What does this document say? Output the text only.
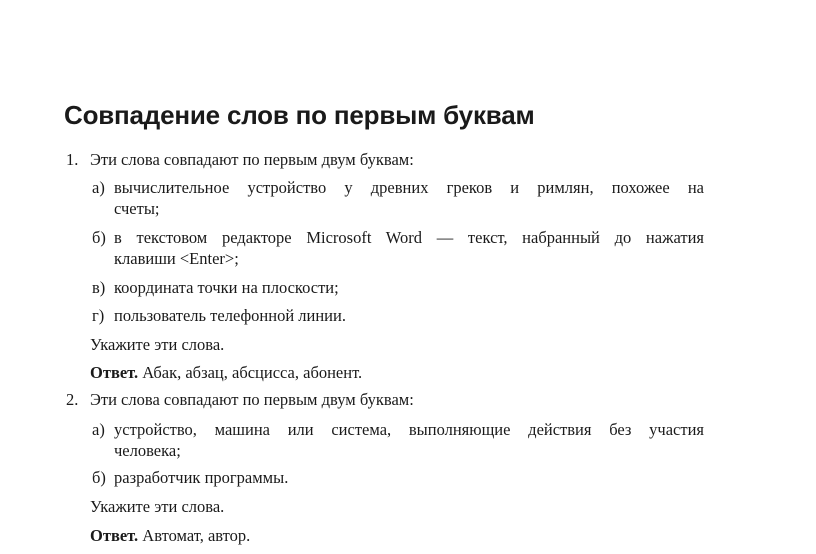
Совпадение слов по первым буквам
1. Эти слова совпадают по первым двум буквам:
а) вычислительное устройство у древних греков и римлян, похожее на
счеты;
б) в текстовом редакторе Microsoft Word — текст, набранный до нажатия
клавиши <Enter>;
в) координата точки на плоскости;
г) пользователь телефонной линии.
Укажите эти слова.
Ответ. Абак, абзац, абсцисса, абонент.
2. Эти слова совпадают по первым двум буквам:
а) устройство, машина или система, выполняющие действия без участия
человека;
б) разработчик программы.
Укажите эти слова.
Ответ. Автомат, автор.
